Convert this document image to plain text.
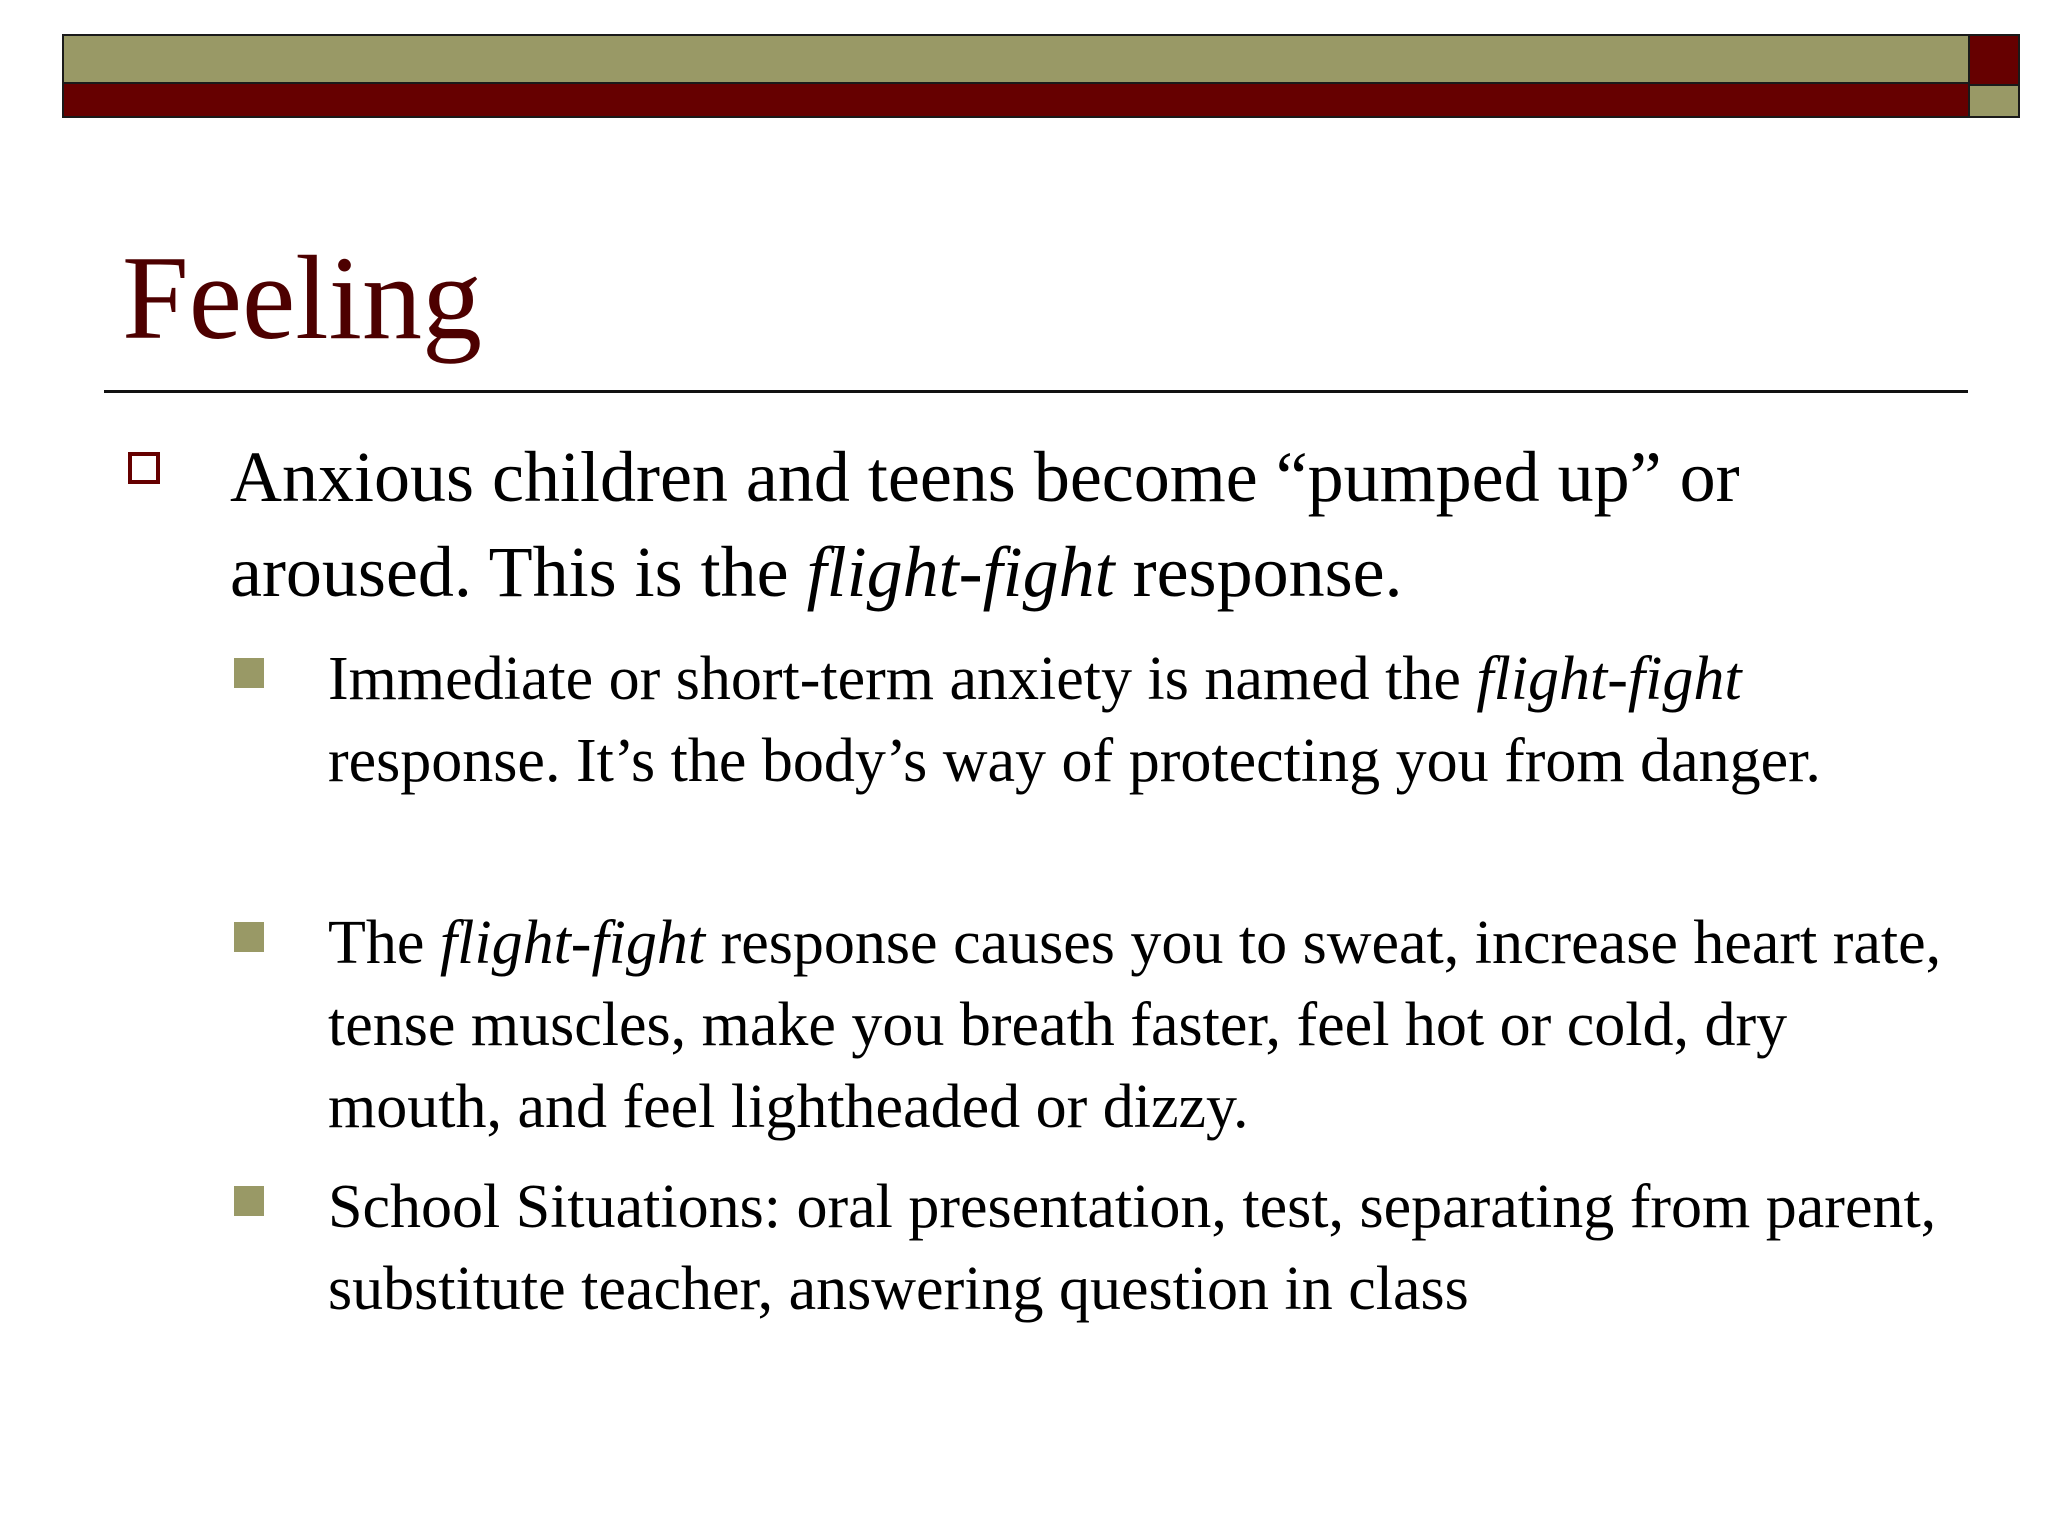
Feeling
Anxious children and teens become “pumped up” or aroused. This is the flight-fight response.
Immediate or short-term anxiety is named the flight-fight response. It’s the body’s way of protecting you from danger.
The flight-fight response causes you to sweat, increase heart rate, tense muscles, make you breath faster, feel hot or cold, dry mouth, and feel lightheaded or dizzy.
School Situations: oral presentation, test, separating from parent, substitute teacher, answering question in class
